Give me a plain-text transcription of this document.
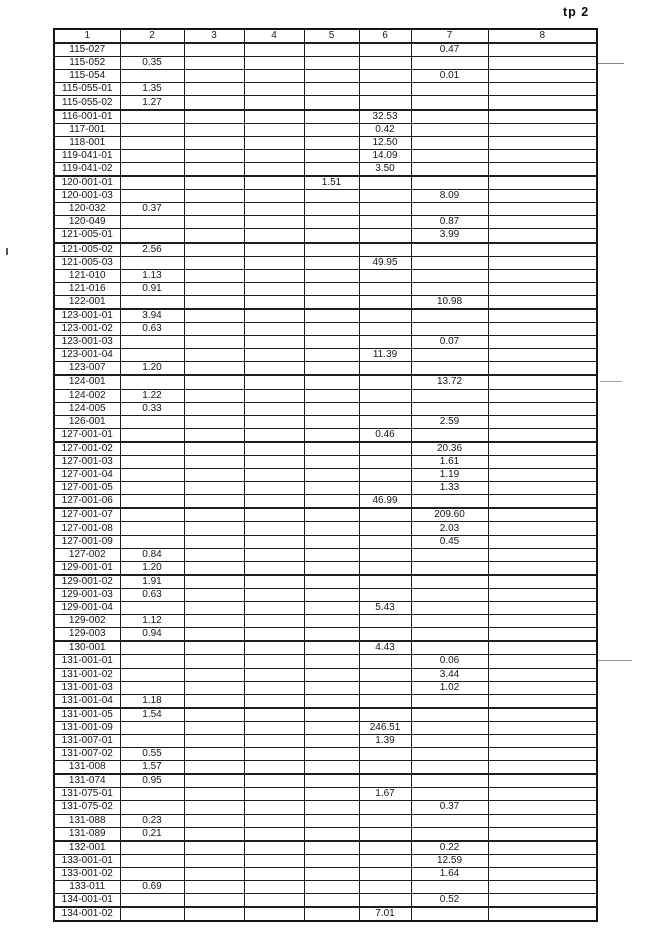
tp 2
1	2	3	4	5	6	7	8
115-027						0.47	
115-052	0.35						
115-054						0.01	
115-055-01	1.35						
115-055-02	1.27						
116-001-01					32.53		
117-001					0.42		
118-001					12.50		
119-041-01					14.09		
119-041-02					3.50		
120-001-01				1.51			
120-001-03						8.09	
120-032	0.37						
120-049						0.87	
121-005-01						3.99	
121-005-02	2.56						
121-005-03					49.95		
121-010	1.13						
121-016	0.91						
122-001						10.98	
123-001-01	3.94						
123-001-02	0.63						
123-001-03						0.07	
123-001-04					11.39		
123-007	1.20						
124-001						13.72	
124-002	1.22						
124-005	0.33						
126-001						2.59	
127-001-01					0.46		
127-001-02						20.36	
127-001-03						1.61	
127-001-04						1.19	
127-001-05						1.33	
127-001-06					46.99		
127-001-07						209.60	
127-001-08						2.03	
127-001-09						0.45	
127-002	0.84						
129-001-01	1.20						
129-001-02	1.91						
129-001-03	0.63						
129-001-04					5.43		
129-002	1.12						
129-003	0.94						
130-001					4.43		
131-001-01						0.06	
131-001-02						3.44	
131-001-03						1.02	
131-001-04	1.18						
131-001-05	1.54						
131-001-09					246.51		
131-007-01					1.39		
131-007-02	0.55						
131-008	1.57						
131-074	0.95						
131-075-01					1.67		
131-075-02						0.37	
131-088	0.23						
131-089	0.21						
132-001						0.22	
133-001-01						12.59	
133-001-02						1.64	
133-011	0.69						
134-001-01						0.52	
134-001-02					7.01		
